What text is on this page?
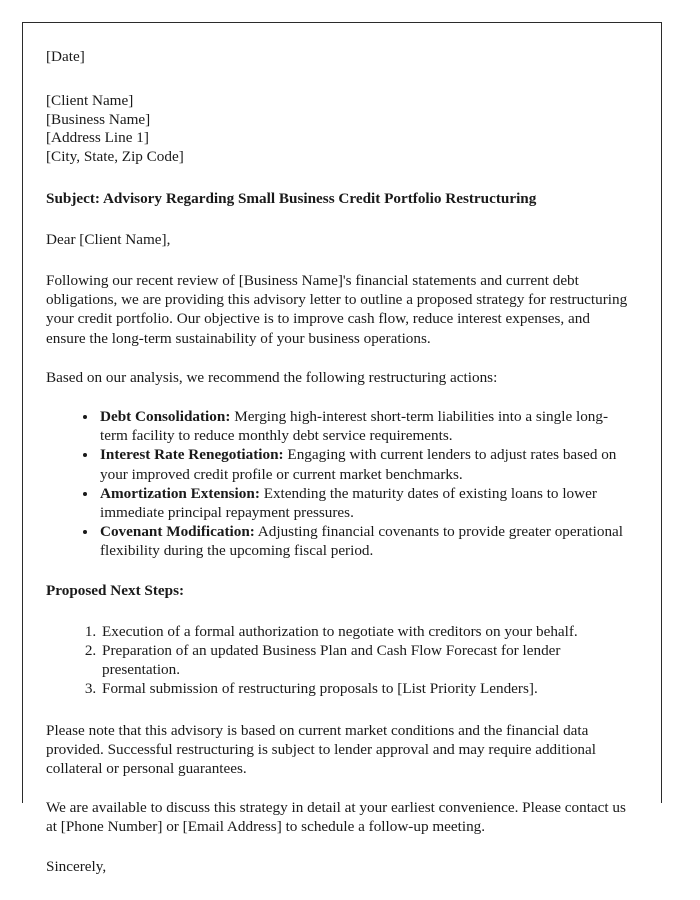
[Date]
[Client Name]
[Business Name]
[Address Line 1]
[City, State, Zip Code]
Subject: Advisory Regarding Small Business Credit Portfolio Restructuring
Dear [Client Name],

Following our recent review of [Business Name]'s financial statements and current debt obligations, we are providing this advisory letter to outline a proposed strategy for restructuring your credit portfolio. Our objective is to improve cash flow, reduce interest expenses, and ensure the long-term sustainability of your business operations.

Based on our analysis, we recommend the following restructuring actions:

• Debt Consolidation: Merging high-interest short-term liabilities into a single long-term facility to reduce monthly debt service requirements.
• Interest Rate Renegotiation: Engaging with current lenders to adjust rates based on your improved credit profile or current market benchmarks.
• Amortization Extension: Extending the maturity dates of existing loans to lower immediate principal repayment pressures.
• Covenant Modification: Adjusting financial covenants to provide greater operational flexibility during the upcoming fiscal period.
Proposed Next Steps:
1. Execution of a formal authorization to negotiate with creditors on your behalf.
2. Preparation of an updated Business Plan and Cash Flow Forecast for lender presentation.
3. Formal submission of restructuring proposals to [List Priority Lenders].

Please note that this advisory is based on current market conditions and the financial data provided. Successful restructuring is subject to lender approval and may require additional collateral or personal guarantees.

We are available to discuss this strategy in detail at your earliest convenience. Please contact us at [Phone Number] or [Email Address] to schedule a follow-up meeting.

Sincerely,
